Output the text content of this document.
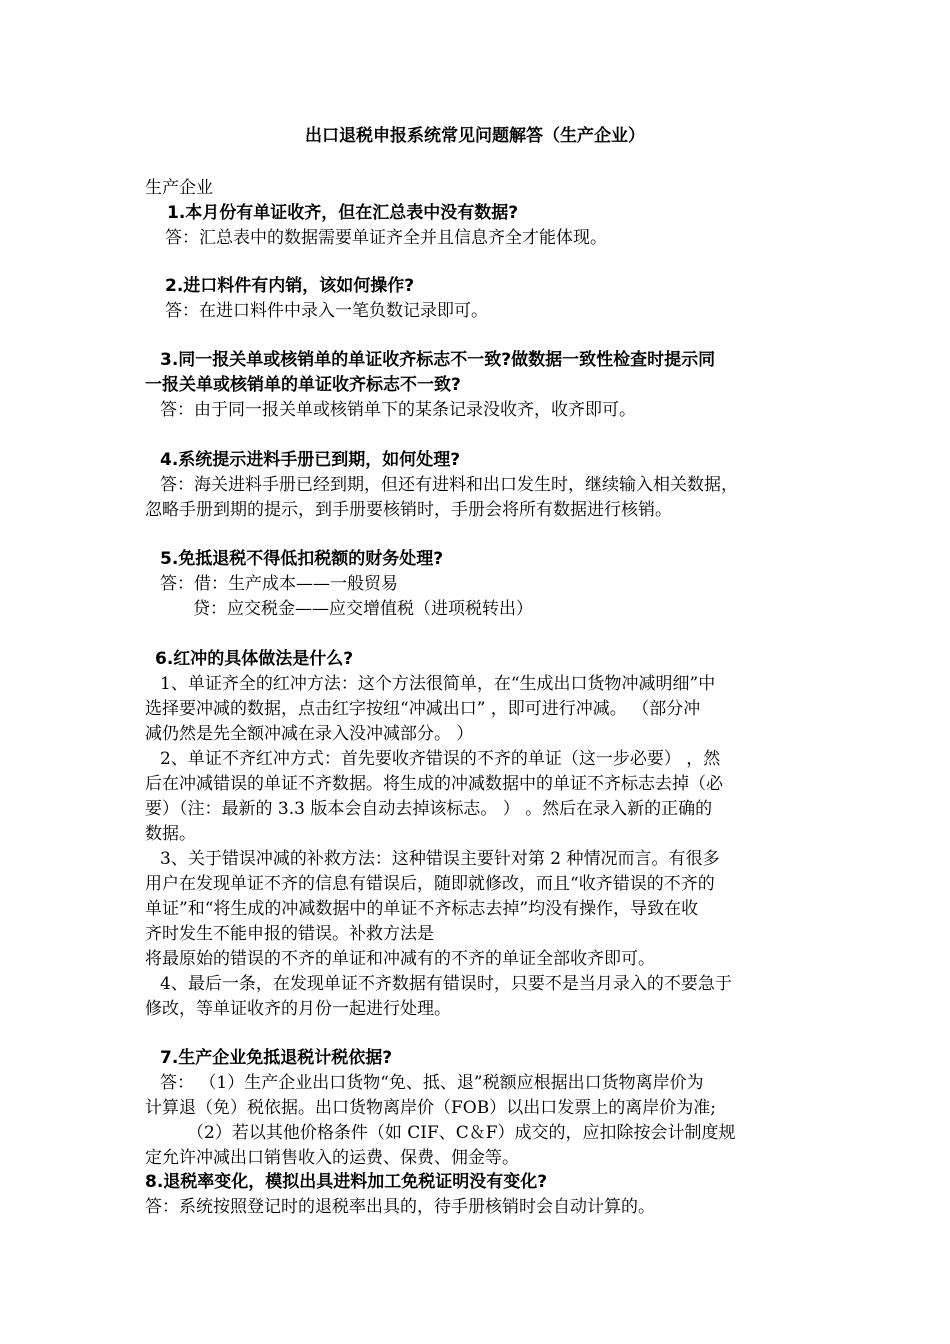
出口退税申报系统常见问题解答（生产企业）
生产企业
1.本月份有单证收齐，但在汇总表中没有数据?
答：汇总表中的数据需要单证齐全并且信息齐全才能体现。
2.进口料件有内销，该如何操作?
答：在进口料件中录入一笔负数记录即可。
3.同一报关单或核销单的单证收齐标志不一致?做数据一致性检查时提示同
一报关单或核销单的单证收齐标志不一致?
答：由于同一报关单或核销单下的某条记录没收齐，收齐即可。
4.系统提示进料手册已到期，如何处理?
答：海关进料手册已经到期，但还有进料和出口发生时，继续输入相关数据，
忽略手册到期的提示，到手册要核销时，手册会将所有数据进行核销。
5.免抵退税不得低扣税额的财务处理?
答：借：生产成本——一般贸易
贷：应交税金——应交增值税（进项税转出）
6.红冲的具体做法是什么?
1、单证齐全的红冲方法：这个方法很简单，在“生成出口货物冲减明细”中
选择要冲减的数据，点击红字按纽“冲减出口” ，即可进行冲减。 （部分冲
减仍然是先全额冲减在录入没冲减部分。 ）
2、单证不齐红冲方式：首先要收齐错误的不齐的单证（这一步必要） ，然
后在冲减错误的单证不齐数据。将生成的冲减数据中的单证不齐标志去掉（必
要）（注：最新的 3.3 版本会自动去掉该标志。 ） 。然后在录入新的正确的
数据。
3、关于错误冲减的补救方法：这种错误主要针对第 2 种情况而言。有很多
用户在发现单证不齐的信息有错误后，随即就修改，而且“收齐错误的不齐的
单证”和“将生成的冲减数据中的单证不齐标志去掉”均没有操作，导致在收
齐时发生不能申报的错误。补救方法是
将最原始的错误的不齐的单证和冲减有的不齐的单证全部收齐即可。
4、最后一条，在发现单证不齐数据有错误时，只要不是当月录入的不要急于
修改，等单证收齐的月份一起进行处理。
7.生产企业免抵退税计税依据?
答： （1）生产企业出口货物“免、抵、退”税额应根据出口货物离岸价为
计算退（免）税依据。出口货物离岸价（FOB）以出口发票上的离岸价为准;
（2）若以其他价格条件（如 CIF、C＆F）成交的，应扣除按会计制度规
定允许冲减出口销售收入的运费、保费、佣金等。
8.退税率变化，模拟出具进料加工免税证明没有变化?
答：系统按照登记时的退税率出具的，待手册核销时会自动计算的。
